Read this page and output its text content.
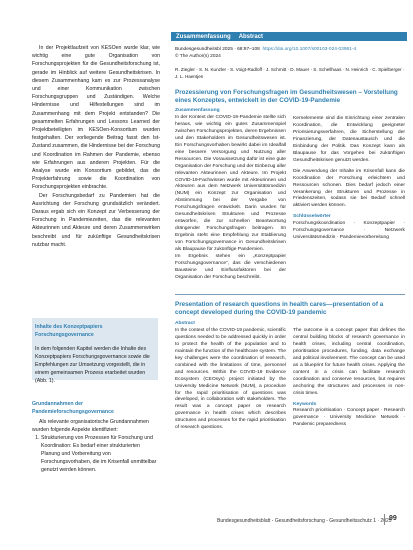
In der Projektlaufzeit von KESOen wurde klar, wie wichtig eine gute Organisation von Forschungsprojekten für die Gesundheitsforschung ist, gerade im Hinblick auf weitere Gesundheitskrisen. In diesem Zusammenhang kam es zur Prozessanalyse und einer Kommunikation zwischen Forschungsgruppen und Zuständigen. Welche Hindernisse und Hilfestellungen sind im Zusammenhang mit dem Projekt entstanden? Die gesammelten Erfahrungen und Lessons Learned der Projektbeteiligten im KESOen-Konsortium wurden festgehalten. Der vorliegende Beitrag fasst den Ist-Zustand zusammen, die Hindernisse bei der Forschung und Koordination im Rahmen der Pandemie, ebenso wie Erfahrungen aus anderen Projekten. Für die Analyse wurde ein Konsortium gebildet, das die Projekterfahrung sowie die Koordination von Forschungsprojekten einbrachte.

Der Forschungsbedarf zu Pandemien hat die Ausrichtung der Forschung grundsätzlich verändert. Daraus ergab sich ein Konzept zur Verbesserung der Forschung in Pandemiezeiten, das die relevanten Akteurinnen und Akteure und deren Zusammenwirken beschreibt und für zukünftige Gesundheitskrisen nutzbar macht.

Inhalte des Konzeptpapiers Forschungsgovernance

In dem folgenden Kapitel werden die Inhalte des Konzeptpapiers Forschungsgovernance sowie die Empfehlungen zur Umsetzung vorgestellt, die in einem gemeinsamen Prozess erarbeitet wurden (Abb. 1).

Grundannahmen der Pandemieforschungsgovernance

Als relevante organisatorische Grundannahmen wurden folgende Aspekte identifiziert:

1. Strukturierung von Prozessen für Forschung und Koordination: Es bedarf einer strukturierten Planung und Vorbereitung von Forschungsvorhaben, die im Krisenfall unmittelbar genutzt werden können.
Zusammenfassung Abstract
Bundesgesundheitsbl 2025 · 68:97–108 https://doi.org/10.1007/s00103-024-03981-4
© The Author(s) 2024
R. Ziegler · S. N. Kunzler · S. Voigt-Radloff · J. Schmitt · D. Mauer · S. Schellhaas · N. Heinrich · C. Spielberger · J. L. Haentjes
Prozessierung von Forschungsfragen im Gesundheitswesen – Vorstellung eines Konzeptes, entwickelt in der COVID-19-Pandemie

Zusammenfassung

In der Kontext der COVID-19-Pandemie stellte sich heraus, wie wichtig ein gutes Zusammenspiel zwischen Forschungsprojekten, deren Ergebnissen und den Stakeholdern im Gesundheitswesen ist. Ein Forschungsvorhaben bewirkt dabei im Idealfall eine bessere Versorgung und Nutzung aller Ressourcen. Die Voraussetzung dafür ist eine gute Organisation der Forschung und der Einbezug aller relevanten Akteurinnen und Akteure. Im Projekt COVID-19-Fachwissen wurde mit Akteurinnen und Akteuren aus dem Netzwerk Universitätsmedizin (NUM) ein Konzept zur Organisation und Abstimmung bei der Vergabe von Forschungsfragen entwickelt. Darin wurden für Gesundheitskrisen Strukturen und Prozesse entworfen, die zur schnellen Beantwortung drängender Forschungsfragen beitragen. Im Ergebnis steht eine Empfehlung zur Etablierung von Forschungsgovernance in Gesundheitskrisen als Blaupause für zukünftige Pandemien.

Im Ergebnis stehen ein „Konzeptpapier Forschungsgovernance“, das die verschiedenen Bausteine und Einflussfaktoren bei der Organisation der Forschung beschreibt.

Kernelemente sind die Einrichtung einer zentralen Koordination, die Entwicklung geeigneter Priorisierungsverfahren, die Sicherstellung der Finanzierung, der Datenaustausch und die Einbindung der Politik. Das Konzept kann als Blaupause für das Vorgehen bei zukünftigen Gesundheitskrisen genutzt werden.

Die Anwendung der Inhalte im Krisenfall kann die Koordination der Forschung erleichtern und Ressourcen schonen. Dies bedarf jedoch einer Verankerung der Strukturen und Prozesse in Friedenszeiten, sodass sie bei Bedarf schnell aktiviert werden können.

Schlüsselwörter

Forschungskoordination · Konzeptpapier · Forschungsgovernance · Netzwerk Universitätsmedizin · Pandemievorbereitung

Presentation of research questions in health cares—presentation of a concept developed during the COVID-19 pandemic

Abstract

In the context of the COVID-19 pandemic, scientific questions needed to be addressed quickly in order to protect the health of the population and to maintain the function of the healthcare system. The key challenges were the coordination of research, combined with the limitations of time, personnel and resources. Within the COVID-19 Evidence Ecosystem (CEOsys) project initiated by the University Medicine Network (NUM), a procedure for the rapid prioritisation of questions was developed, in collaboration with stakeholders. The result was a concept paper on research governance in health crises which describes structures and processes for the rapid prioritisation of research questions.

The outcome is a concept paper that defines the central building blocks of research governance in health crises, including central coordination, prioritisation procedures, funding, data exchange and political involvement. The concept can be used as a blueprint for future health crises. Applying the content in a crisis can facilitate research coordination and conserve resources, but requires anchoring the structures and processes in non-crisis times.

Keywords

Research prioritisation · Concept paper · Research governance · University Medicine Network · Pandemic preparedness

Bundesgesundheitsblatt - Gesundheitsforschung - Gesundheitsschutz 1 · 2025
99
